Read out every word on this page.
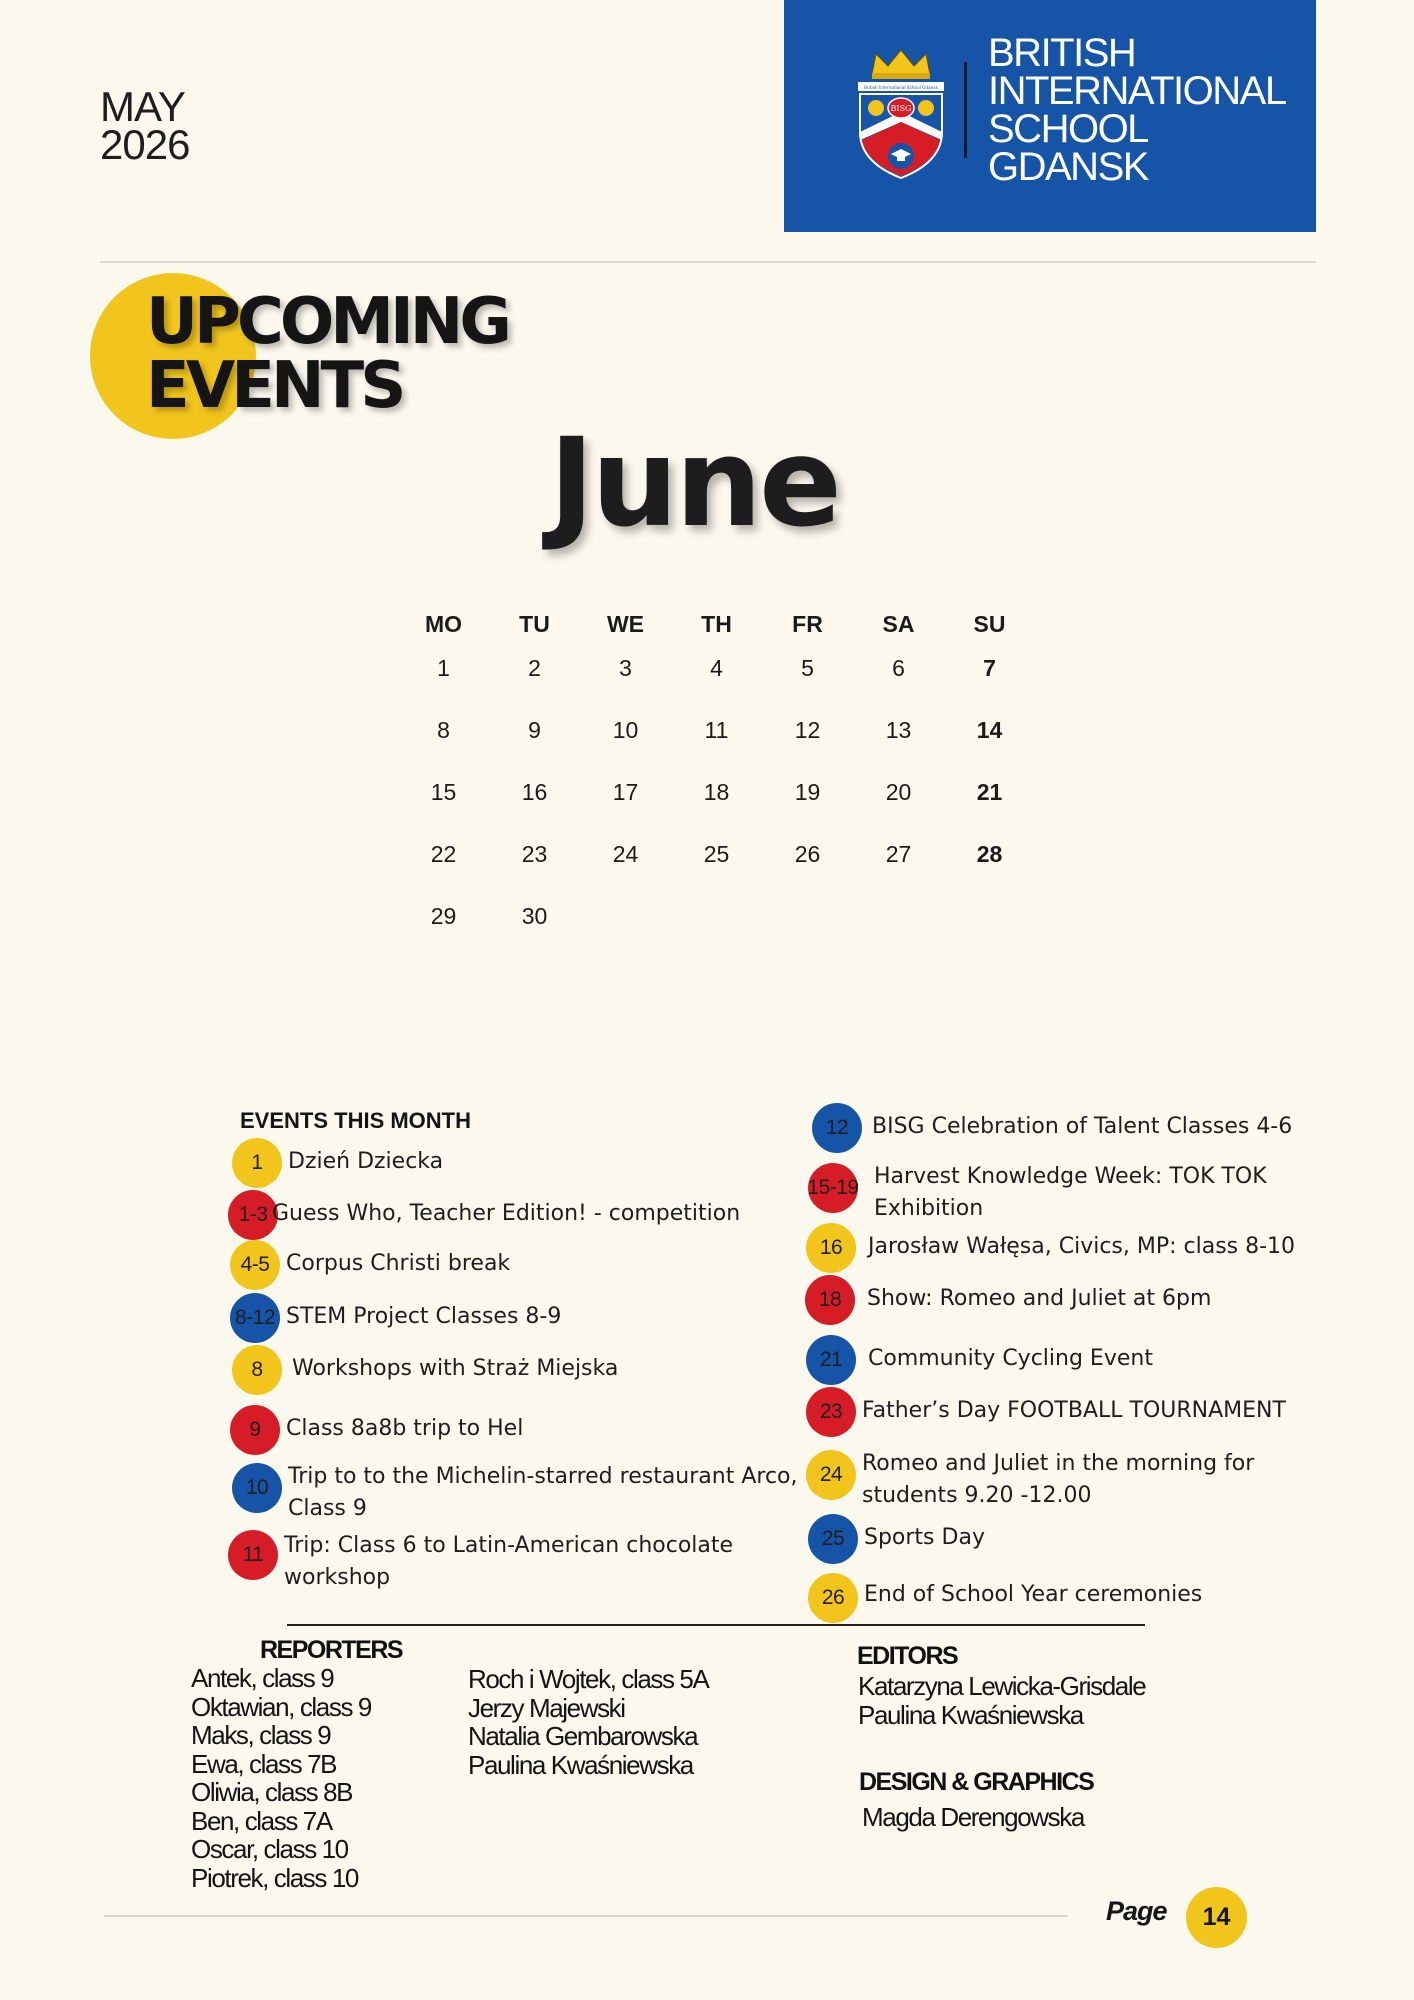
MAY
2026
British International School Gdansk
BISG
BRITISH
INTERNATIONAL
SCHOOL
GDANSK
UPCOMING
EVENTS
June
MO	TU	WE	TH	FR	SA	SU
1	2	3	4	5	6	7
8	9	10	11	12	13	14
15	16	17	18	19	20	21
22	23	24	25	26	27	28
29	30
EVENTS THIS MONTH
1	Dzień Dziecka
1-3 Guess Who, Teacher Edition! - competition
4-5 Corpus Christi break
8-12 STEM Project Classes 8-9
8	Workshops with Straż Miejska
9	Class 8a8b trip to Hel
10 Trip to to the Michelin-starred restaurant Arco, Class 9
11 Trip: Class 6 to Latin-American chocolate workshop
12	BISG Celebration of Talent Classes 4-6
15-19 Harvest Knowledge Week: TOK TOK Exhibition
16	Jarosław Wałęsa, Civics, MP: class 8-10
18	Show: Romeo and Juliet at 6pm
21	Community Cycling Event
23 Father’s Day FOOTBALL TOURNAMENT
24 Romeo and Juliet in the morning for students 9.20 -12.00
25 Sports Day
26 End of School Year ceremonies
REPORTERS
Antek, class 9
Oktawian, class 9
Maks, class 9
Ewa, class 7B
Oliwia, class 8B
Ben, class 7A
Oscar, class 10
Piotrek, class 10
Roch i Wojtek, class 5A
Jerzy Majewski
Natalia Gembarowska
Paulina Kwaśniewska
EDITORS
Katarzyna Lewicka-Grisdale
Paulina Kwaśniewska
DESIGN & GRAPHICS
Magda Derengowska
Page 14
